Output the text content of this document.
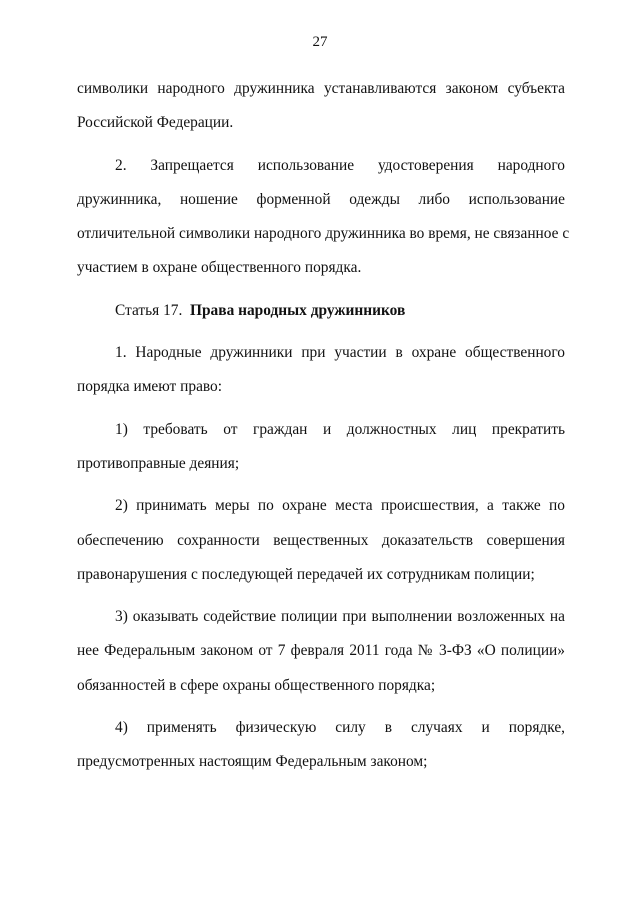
27
символики народного дружинника устанавливаются законом субъекта
Российской Федерации.
2. Запрещается использование удостоверения народного
дружинника, ношение форменной одежды либо использование
отличительной символики народного дружинника во время, не связанное с
участием в охране общественного порядка.
Статья 17. Права народных дружинников
1. Народные дружинники при участии в охране общественного
порядка имеют право:
1) требовать от граждан и должностных лиц прекратить
противоправные деяния;
2) принимать меры по охране места происшествия, а также по
обеспечению сохранности вещественных доказательств совершения
правонарушения с последующей передачей их сотрудникам полиции;
3) оказывать содействие полиции при выполнении возложенных на
нее Федеральным законом от 7 февраля 2011 года № 3-ФЗ «О полиции»
обязанностей в сфере охраны общественного порядка;
4) применять физическую силу в случаях и порядке,
предусмотренных настоящим Федеральным законом;
